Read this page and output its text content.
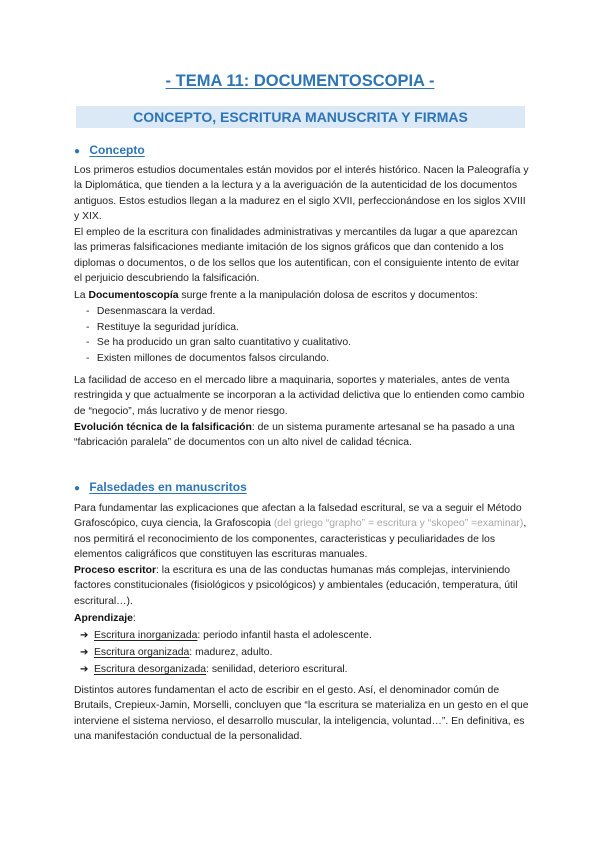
- TEMA 11: DOCUMENTOSCOPIA -
CONCEPTO, ESCRITURA MANUSCRITA Y FIRMAS
● Concepto
Los primeros estudios documentales están movidos por el interés histórico. Nacen la Paleografía y la Diplomática, que tienden a la lectura y a la averiguación de la autenticidad de los documentos antiguos. Estos estudios llegan a la madurez en el siglo XVII, perfeccionándose en los siglos XVIII y XIX.
El empleo de la escritura con finalidades administrativas y mercantiles da lugar a que aparezcan las primeras falsificaciones mediante imitación de los signos gráficos que dan contenido a los diplomas o documentos, o de los sellos que los autentifican, con el consiguiente intento de evitar el perjuicio descubriendo la falsificación.
La Documentoscopía surge frente a la manipulación dolosa de escritos y documentos:
- Desenmascara la verdad.
- Restituye la seguridad jurídica.
- Se ha producido un gran salto cuantitativo y cualitativo.
- Existen millones de documentos falsos circulando.
La facilidad de acceso en el mercado libre a maquinaria, soportes y materiales, antes de venta restringida y que actualmente se incorporan a la actividad delictiva que lo entienden como cambio de “negocio”, más lucrativo y de menor riesgo.
Evolución técnica de la falsificación: de un sistema puramente artesanal se ha pasado a una “fabricación paralela” de documentos con un alto nivel de calidad técnica.
● Falsedades en manuscritos
Para fundamentar las explicaciones que afectan a la falsedad escritural, se va a seguir el Método Grafoscópico, cuya ciencia, la Grafoscopia (del griego “grapho” = escritura y “skopeo” =examinar), nos permitirá el reconocimiento de los componentes, caracteristicas y peculiaridades de los elementos caligráficos que constituyen las escrituras manuales.
Proceso escritor: la escritura es una de las conductas humanas más complejas, interviniendo factores constitucionales (fisiológicos y psicológicos) y ambientales (educación, temperatura, útil escritural…).
Aprendizaje:
➔ Escritura inorganizada: periodo infantil hasta el adolescente.
➔ Escritura organizada: madurez, adulto.
➔ Escritura desorganizada: senilidad, deterioro escritural.
Distintos autores fundamentan el acto de escribir en el gesto. Así, el denominador común de Brutails, Crepieux-Jamin, Morselli, concluyen que “la escritura se materializa en un gesto en el que interviene el sistema nervioso, el desarrollo muscular, la inteligencia, voluntad…”. En definitiva, es una manifestación conductual de la personalidad.
